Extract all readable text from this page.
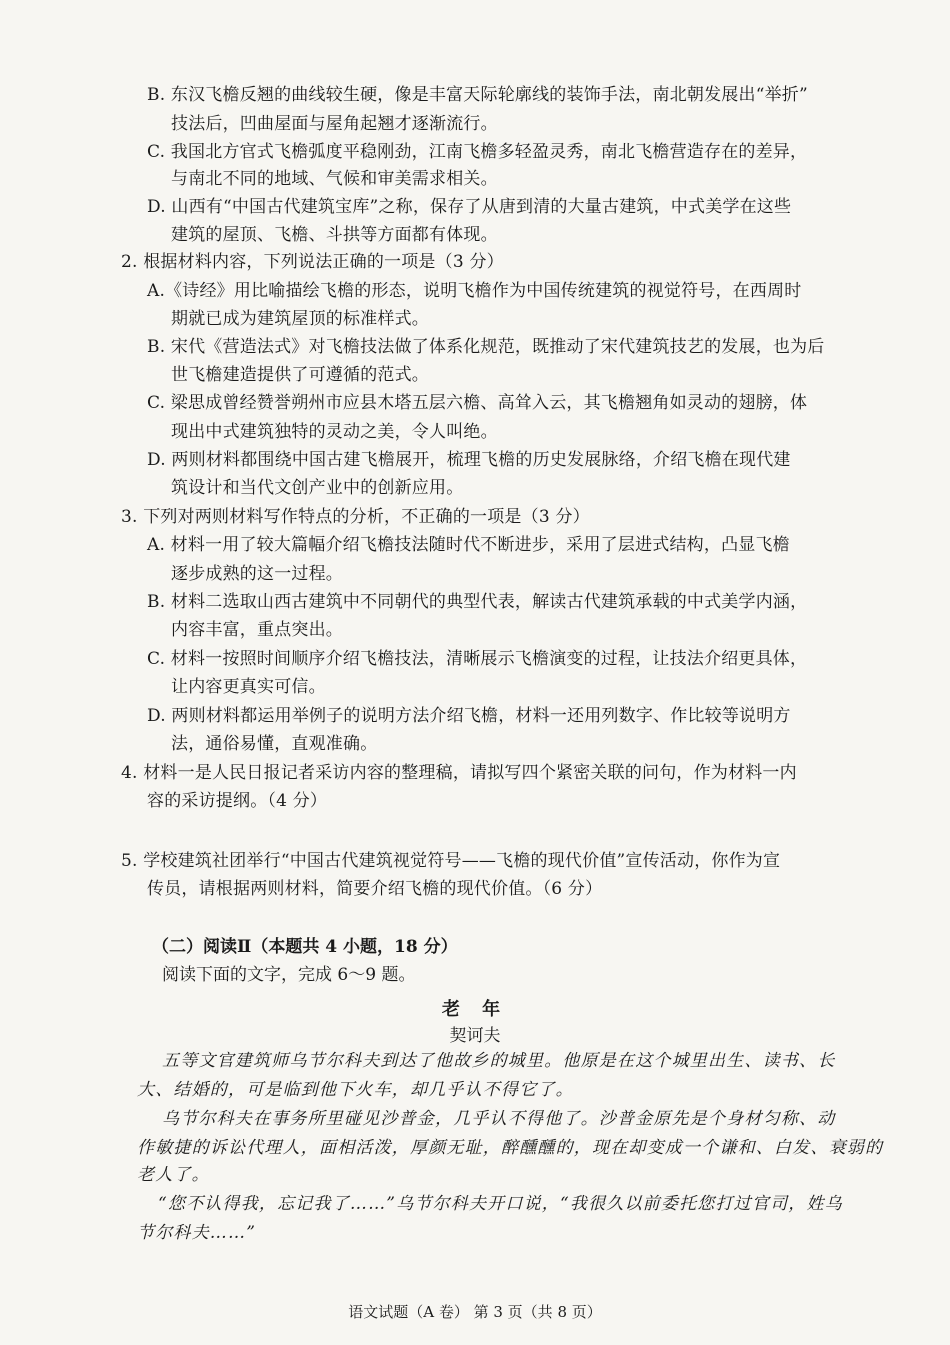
B. 东汉飞檐反翘的曲线较生硬，像是丰富天际轮廓线的装饰手法，南北朝发展出“举折”
技法后，凹曲屋面与屋角起翘才逐渐流行。
C. 我国北方官式飞檐弧度平稳刚劲，江南飞檐多轻盈灵秀，南北飞檐营造存在的差异，
与南北不同的地域、气候和审美需求相关。
D. 山西有“中国古代建筑宝库”之称，保存了从唐到清的大量古建筑，中式美学在这些
建筑的屋顶、飞檐、斗拱等方面都有体现。
2. 根据材料内容，下列说法正确的一项是（3 分）
A.《诗经》用比喻描绘飞檐的形态，说明飞檐作为中国传统建筑的视觉符号，在西周时
期就已成为建筑屋顶的标准样式。
B. 宋代《营造法式》对飞檐技法做了体系化规范，既推动了宋代建筑技艺的发展，也为后
世飞檐建造提供了可遵循的范式。
C. 梁思成曾经赞誉朔州市应县木塔五层六檐、高耸入云，其飞檐翘角如灵动的翅膀，体
现出中式建筑独特的灵动之美，令人叫绝。
D. 两则材料都围绕中国古建飞檐展开，梳理飞檐的历史发展脉络，介绍飞檐在现代建
筑设计和当代文创产业中的创新应用。
3. 下列对两则材料写作特点的分析，不正确的一项是（3 分）
A. 材料一用了较大篇幅介绍飞檐技法随时代不断进步，采用了层进式结构，凸显飞檐
逐步成熟的这一过程。
B. 材料二选取山西古建筑中不同朝代的典型代表，解读古代建筑承载的中式美学内涵，
内容丰富，重点突出。
C. 材料一按照时间顺序介绍飞檐技法，清晰展示飞檐演变的过程，让技法介绍更具体，
让内容更真实可信。
D. 两则材料都运用举例子的说明方法介绍飞檐，材料一还用列数字、作比较等说明方
法，通俗易懂，直观准确。
4. 材料一是人民日报记者采访内容的整理稿，请拟写四个紧密关联的问句，作为材料一内
容的采访提纲。（4 分）
5. 学校建筑社团举行“中国古代建筑视觉符号——飞檐的现代价值”宣传活动，你作为宣
传员，请根据两则材料，简要介绍飞檐的现代价值。（6 分）
（二）阅读Ⅱ（本题共 4 小题，18 分）
阅读下面的文字，完成 6～9 题。
老 年
契诃夫
五等文官建筑师乌节尔科夫到达了他故乡的城里。他原是在这个城里出生、读书、长
大、结婚的，可是临到他下火车，却几乎认不得它了。
乌节尔科夫在事务所里碰见沙普金，几乎认不得他了。沙普金原先是个身材匀称、动
作敏捷的诉讼代理人，面相活泼，厚颜无耻，醉醺醺的，现在却变成一个谦和、白发、衰弱的
老人了。
“您不认得我，忘记我了……”乌节尔科夫开口说，“我很久以前委托您打过官司，姓乌
节尔科夫……”
语文试题（A 卷） 第 3 页（共 8 页）
